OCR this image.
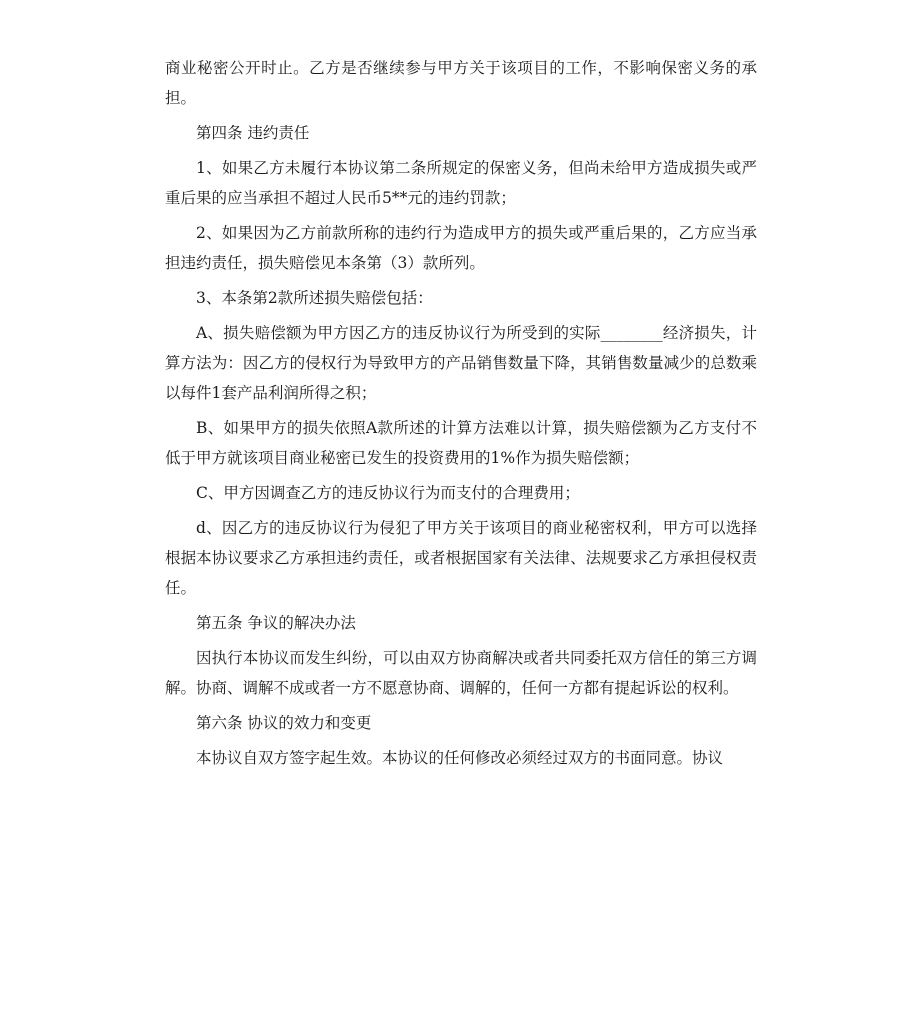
商业秘密公开时止。乙方是否继续参与甲方关于该项目的工作，不影响保密义务的承担。

第四条 违约责任

1、如果乙方未履行本协议第二条所规定的保密义务，但尚未给甲方造成损失或严重后果的应当承担不超过人民币5**元的违约罚款；

2、如果因为乙方前款所称的违约行为造成甲方的损失或严重后果的，乙方应当承担违约责任，损失赔偿见本条第（3）款所列。

3、本条第2款所述损失赔偿包括：

A、损失赔偿额为甲方因乙方的违反协议行为所受到的实际________经济损失，计算方法为：因乙方的侵权行为导致甲方的产品销售数量下降，其销售数量减少的总数乘以每件1套产品利润所得之积；

B、如果甲方的损失依照A款所述的计算方法难以计算，损失赔偿额为乙方支付不低于甲方就该项目商业秘密已发生的投资费用的1%作为损失赔偿额；

C、甲方因调查乙方的违反协议行为而支付的合理费用；

d、因乙方的违反协议行为侵犯了甲方关于该项目的商业秘密权利，甲方可以选择根据本协议要求乙方承担违约责任，或者根据国家有关法律、法规要求乙方承担侵权责任。

第五条 争议的解决办法

因执行本协议而发生纠纷，可以由双方协商解决或者共同委托双方信任的第三方调解。协商、调解不成或者一方不愿意协商、调解的，任何一方都有提起诉讼的权利。

第六条 协议的效力和变更

本协议自双方签字起生效。本协议的任何修改必须经过双方的书面同意。协议
